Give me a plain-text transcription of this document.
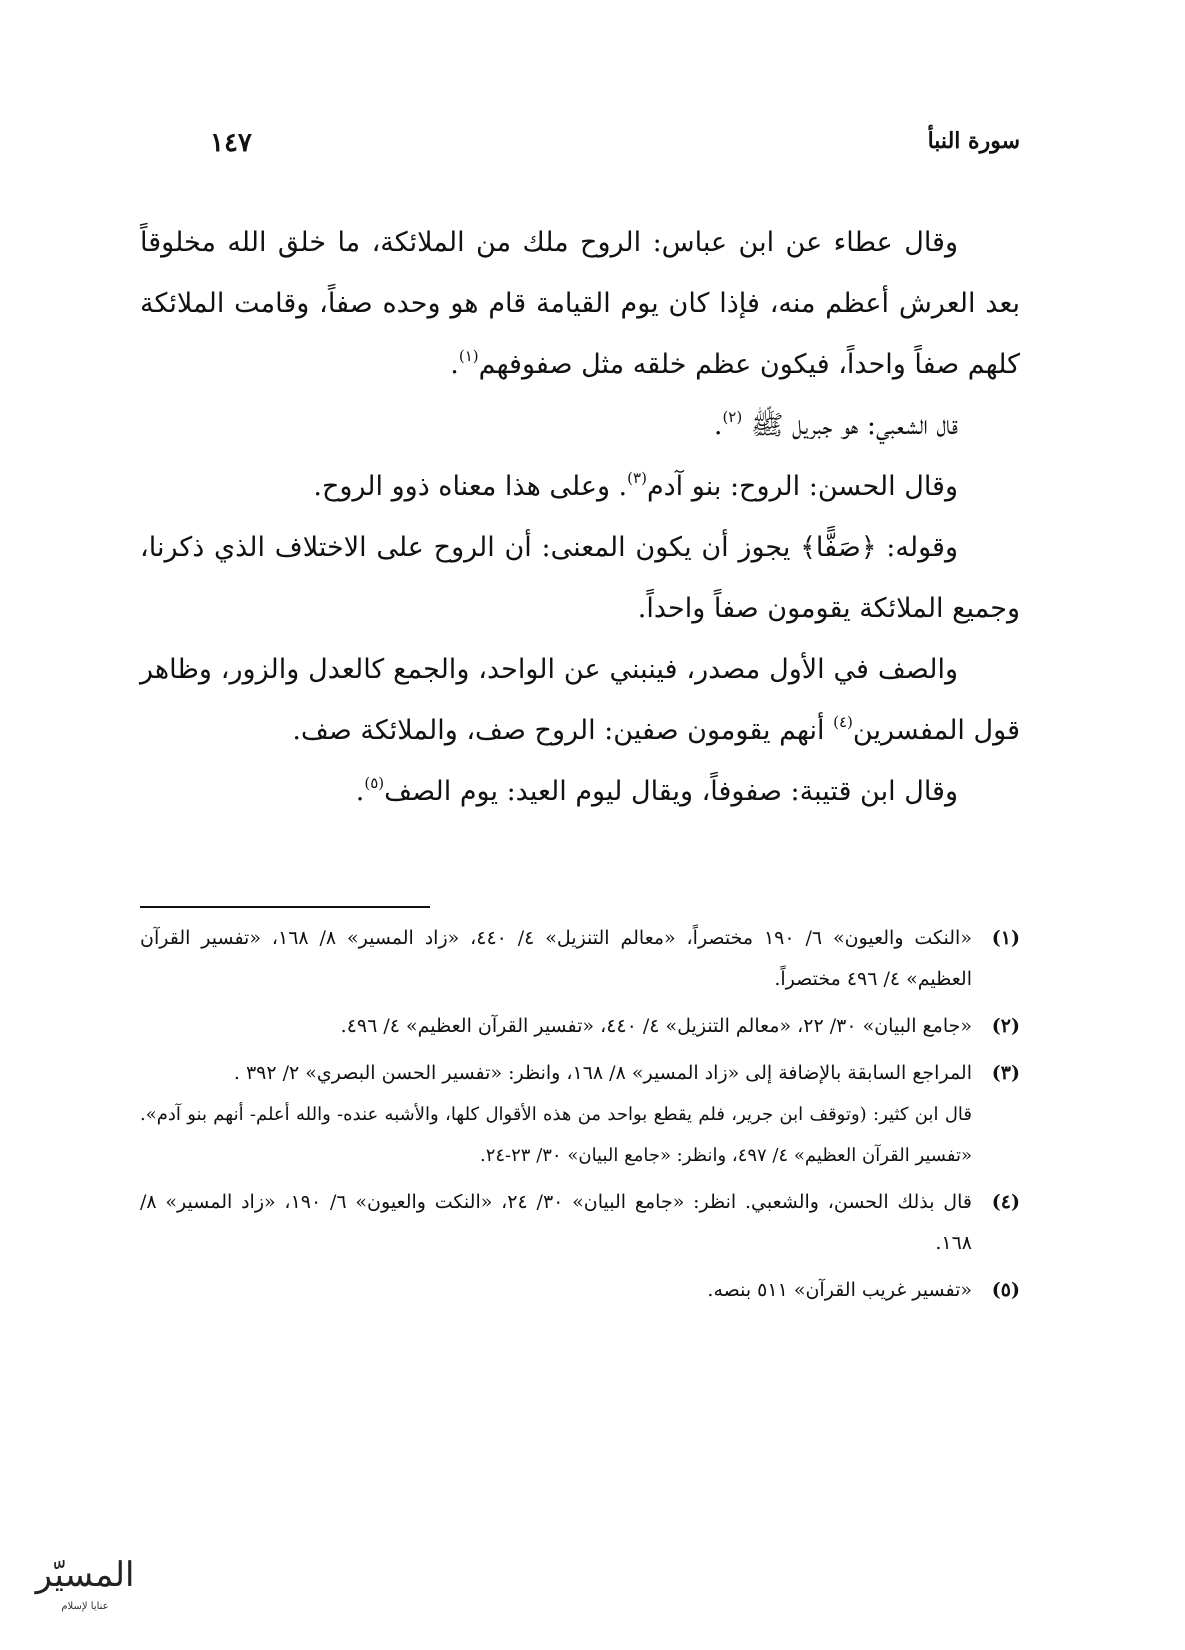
سورة النبأ
١٤٧

وقال عطاء عن ابن عباس: الروح ملك من الملائكة، ما خلق الله مخلوقاً بعد العرش أعظم منه، فإذا كان يوم القيامة قام هو وحده صفاً، وقامت الملائكة كلهم صفاً واحداً، فيكون عظم خلقه مثل صفوفهم$^{(١)}$.

قال الشعبي: هو جبريل ﷺ $^{(٢)}$.

وقال الحسن: الروح: بنو آدم$^{(٣)}$. وعلى هذا معناه ذوو الروح.

وقوله: ﴿صَفًّا﴾ يجوز أن يكون المعنى: أن الروح على الاختلاف الذي ذكرنا، وجميع الملائكة يقومون صفاً واحداً.

والصف في الأول مصدر، فينبني عن الواحد، والجمع كالعدل والزور، وظاهر قول المفسرين$^{(٤)}$ أنهم يقومون صفين: الروح صف، والملائكة صف.

وقال ابن قتيبة: صفوفاً، ويقال ليوم العيد: يوم الصف$^{(٥)}$.

(١)
«النكت والعيون» ٦/ ١٩٠ مختصراً، «معالم التنزيل» ٤/ ٤٤٠، «زاد المسير» ٨/ ١٦٨، «تفسير القرآن العظيم» ٤/ ٤٩٦ مختصراً.
(٢)
«جامع البيان» ٣٠/ ٢٢، «معالم التنزيل» ٤/ ٤٤٠، «تفسير القرآن العظيم» ٤/ ٤٩٦.
(٣)
المراجع السابقة بالإضافة إلى «زاد المسير» ٨/ ١٦٨، وانظر: «تفسير الحسن البصري» ٢/ ٣٩٢ .
قال ابن كثير: (وتوقف ابن جرير، فلم يقطع بواحد من هذه الأقوال كلها، والأشبه عنده- والله أعلم- أنهم بنو آدم». «تفسير القرآن العظيم» ٤/ ٤٩٧، وانظر: «جامع البيان» ٣٠/ ٢٣-٢٤.
(٤)
قال بذلك الحسن، والشعبي. انظر: «جامع البيان» ٣٠/ ٢٤، «النكت والعيون» ٦/ ١٩٠، «زاد المسير» ٨/ ١٦٨.
(٥)
«تفسير غريب القرآن» ٥١١ بنصه.
المسيّر
عنايا لإسلام
